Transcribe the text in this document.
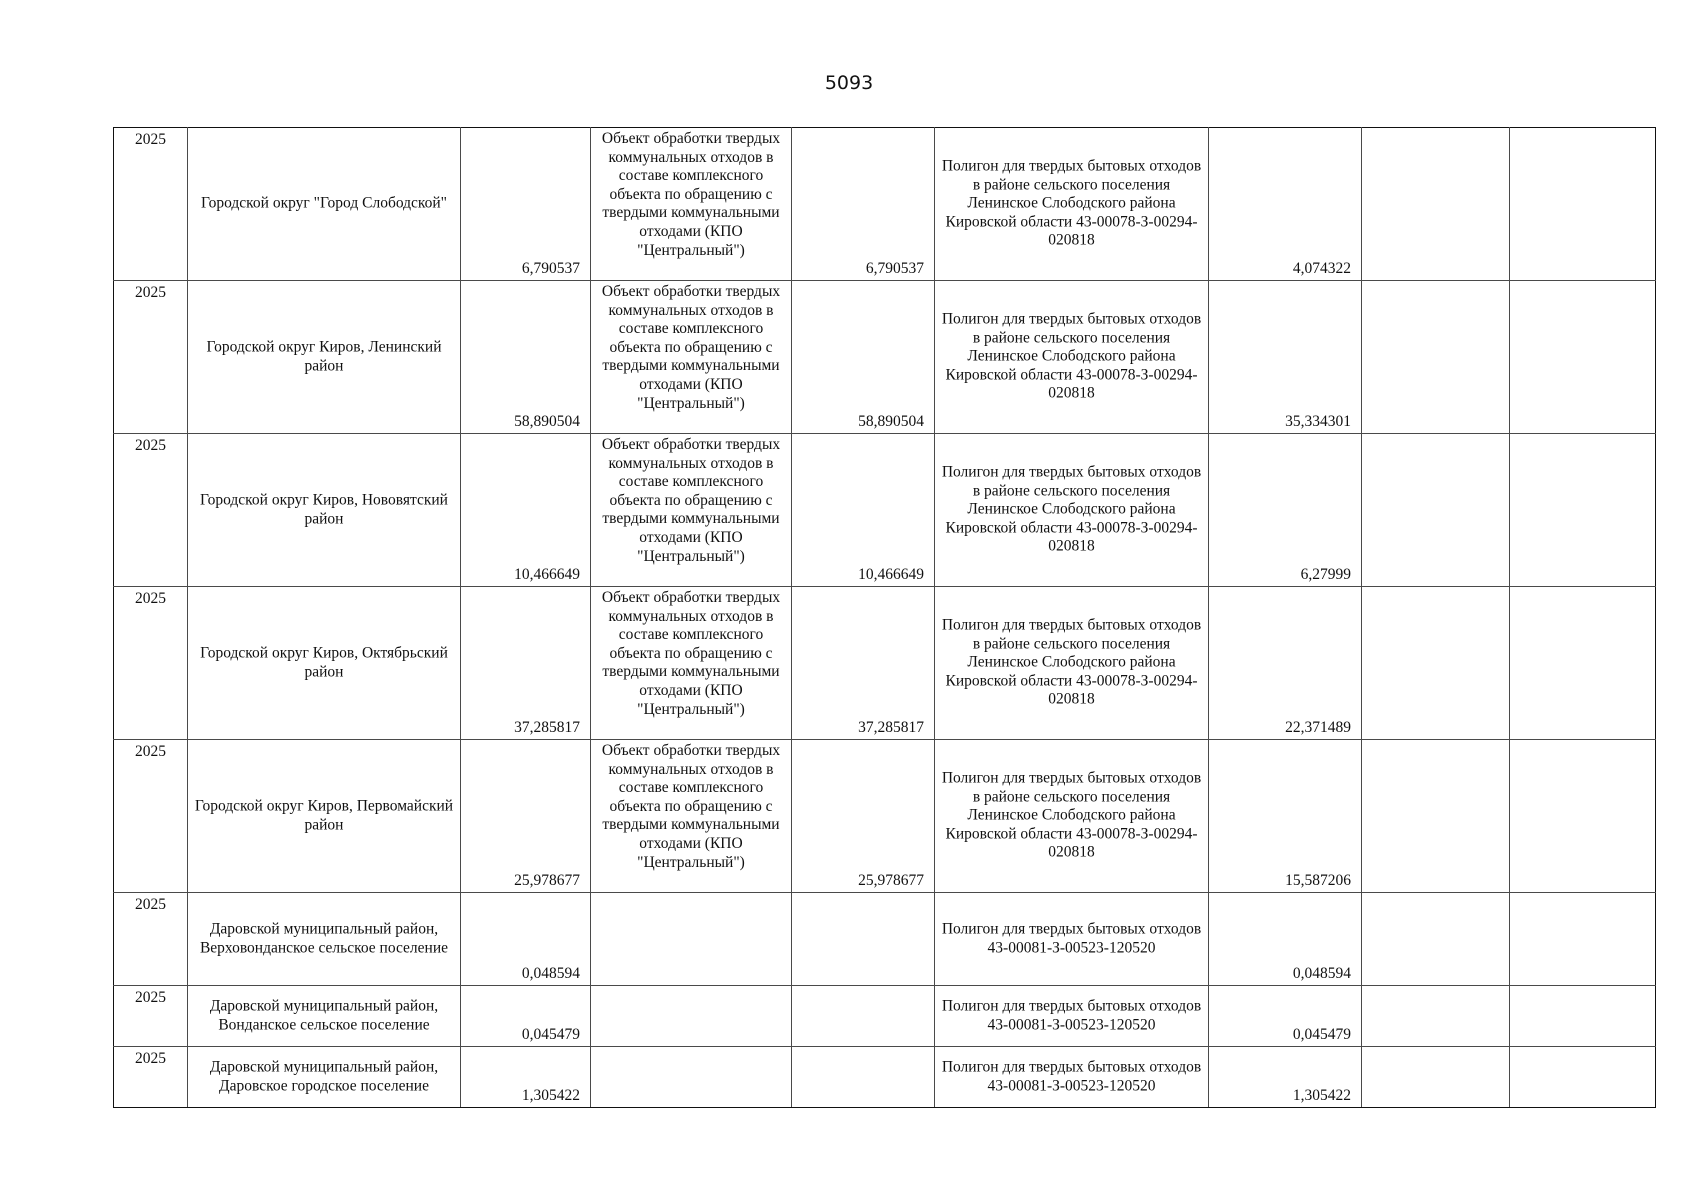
5093
2025	Городской округ "Город Слободской"	6,790537	Объект обработки твердых коммунальных отходов в составе комплексного объекта по обращению с твердыми коммунальными отходами (КПО "Центральный")	6,790537	Полигон для твердых бытовых отходов в районе сельского поселения Ленинское Слободского района Кировской области 43-00078-З-00294-020818	4,074322		

2025	Городской округ Киров, Ленинский район	58,890504	Объект обработки твердых коммунальных отходов в составе комплексного объекта по обращению с твердыми коммунальными отходами (КПО "Центральный")	58,890504	Полигон для твердых бытовых отходов в районе сельского поселения Ленинское Слободского района Кировской области 43-00078-З-00294-020818	35,334301		

2025	Городской округ Киров, Нововятский район	10,466649	Объект обработки твердых коммунальных отходов в составе комплексного объекта по обращению с твердыми коммунальными отходами (КПО "Центральный")	10,466649	Полигон для твердых бытовых отходов в районе сельского поселения Ленинское Слободского района Кировской области 43-00078-З-00294-020818	6,27999		

2025	Городской округ Киров, Октябрьский район	37,285817	Объект обработки твердых коммунальных отходов в составе комплексного объекта по обращению с твердыми коммунальными отходами (КПО "Центральный")	37,285817	Полигон для твердых бытовых отходов в районе сельского поселения Ленинское Слободского района Кировской области 43-00078-З-00294-020818	22,371489		

2025	Городской округ Киров, Первомайский район	25,978677	Объект обработки твердых коммунальных отходов в составе комплексного объекта по обращению с твердыми коммунальными отходами (КПО "Центральный")	25,978677	Полигон для твердых бытовых отходов в районе сельского поселения Ленинское Слободского района Кировской области 43-00078-З-00294-020818	15,587206		

2025	Даровской муниципальный район, Верховонданское сельское поселение	0,048594			Полигон для твердых бытовых отходов 43-00081-З-00523-120520	0,048594		

2025	Даровской муниципальный район, Вонданское сельское поселение	0,045479			Полигон для твердых бытовых отходов 43-00081-З-00523-120520	0,045479		

2025	Даровской муниципальный район, Даровское городское поселение	1,305422			Полигон для твердых бытовых отходов 43-00081-З-00523-120520	1,305422		
